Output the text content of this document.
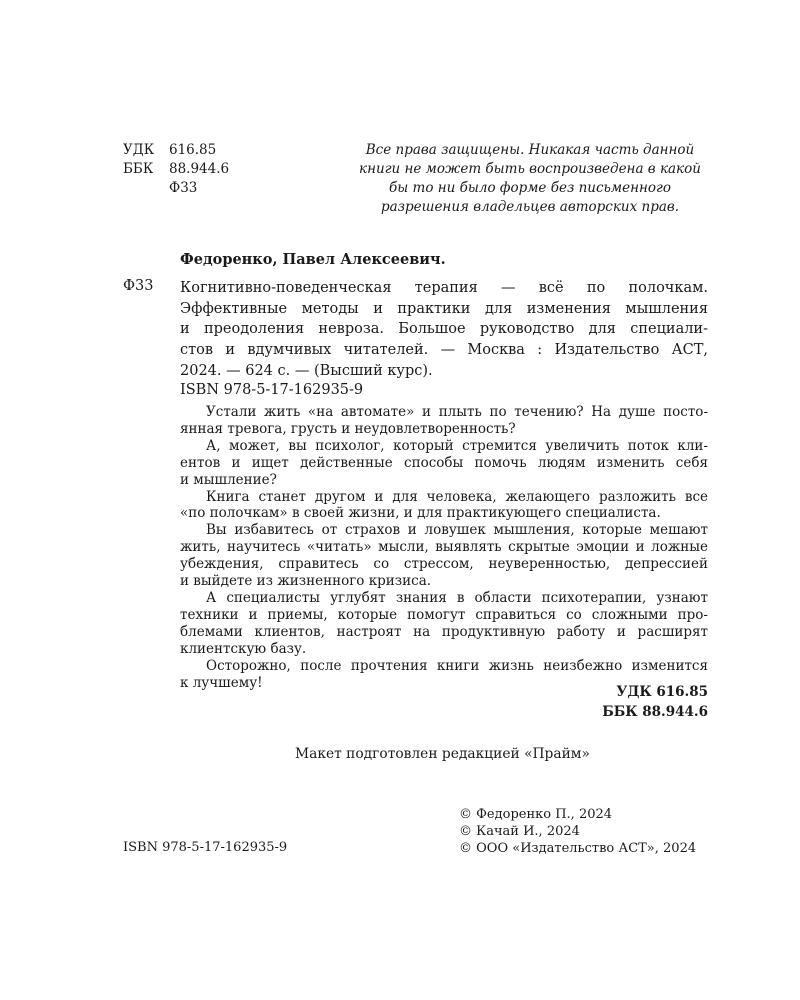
УДК 616.85
ББК 88.944.6
Ф33
Все права защищены. Никакая часть данной
книги не может быть воспроизведена в какой
бы то ни было форме без письменного
разрешения владельцев авторских прав.
Федоренко, Павел Алексеевич.
Ф33 Когнитивно-поведенческая терапия — всё по полочкам.
Эффективные методы и практики для изменения мышления
и преодоления невроза. Большое руководство для специали-
стов и вдумчивых читателей. — Москва : Издательство АСТ,
2024. — 624 с. — (Высший курс).
ISBN 978-5-17-162935-9
Устали жить «на автомате» и плыть по течению? На душе посто-
янная тревога, грусть и неудовлетворенность?
А, может, вы психолог, который стремится увеличить поток кли-
ентов и ищет действенные способы помочь людям изменить себя
и мышление?
Книга станет другом и для человека, желающего разложить все
«по полочкам» в своей жизни, и для практикующего специалиста.
Вы избавитесь от страхов и ловушек мышления, которые мешают
жить, научитесь «читать» мысли, выявлять скрытые эмоции и ложные
убеждения, справитесь со стрессом, неуверенностью, депрессией
и выйдете из жизненного кризиса.
А специалисты углубят знания в области психотерапии, узнают
техники и приемы, которые помогут справиться со сложными про-
блемами клиентов, настроят на продуктивную работу и расширят
клиентскую базу.
Осторожно, после прочтения книги жизнь неизбежно изменится
к лучшему!
УДК 616.85
ББК 88.944.6
Макет подготовлен редакцией «Прайм»
© Федоренко П., 2024
© Качай И., 2024
© ООО «Издательство АСТ», 2024
ISBN 978-5-17-162935-9
